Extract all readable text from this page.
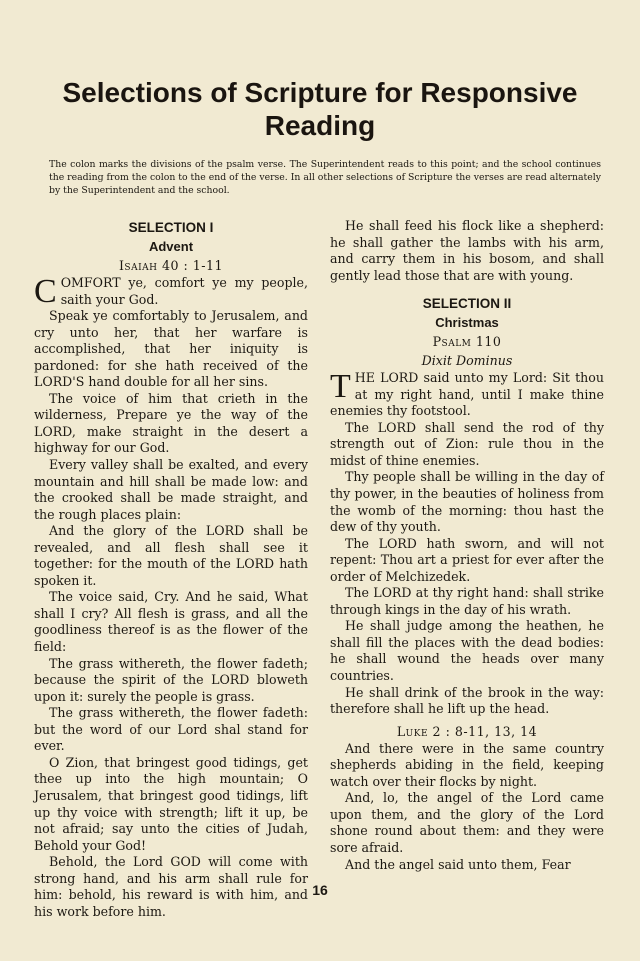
Selections of Scripture for Responsive
Reading
The colon marks the divisions of the psalm verse. The Superintendent reads to this point; and the school continues the reading from the colon to the end of the verse. In all other selections of Scripture the verses are read alternately by the Superintendent and the school.
SELECTION I
Advent
Isaiah 40 : 1-11

COMFORT ye, comfort ye my people, saith your God.

Speak ye comfortably to Jerusalem, and cry unto her, that her warfare is accomplished, that her iniquity is pardoned: for she hath received of the LORD'S hand double for all her sins.

The voice of him that crieth in the wilderness, Prepare ye the way of the LORD, make straight in the desert a highway for our God.

Every valley shall be exalted, and every mountain and hill shall be made low: and the crooked shall be made straight, and the rough places plain:

And the glory of the LORD shall be revealed, and all flesh shall see it together: for the mouth of the LORD hath spoken it.

The voice said, Cry. And he said, What shall I cry? All flesh is grass, and all the goodliness thereof is as the flower of the field:

The grass withereth, the flower fadeth; because the spirit of the LORD bloweth upon it: surely the people is grass.

The grass withereth, the flower fadeth: but the word of our Lord shal stand for ever.

O Zion, that bringest good tidings, get thee up into the high mountain; O Jerusalem, that bringest good tidings, lift up thy voice with strength; lift it up, be not afraid; say unto the cities of Judah, Behold your God!

Behold, the Lord GOD will come with strong hand, and his arm shall rule for him: behold, his reward is with him, and his work before him.

He shall feed his flock like a shepherd: he shall gather the lambs with his arm, and carry them in his bosom, and shall gently lead those that are with young.

SELECTION II
Christmas
Psalm 110
Dixit Dominus

THE LORD said unto my Lord: Sit thou at my right hand, until I make thine enemies thy footstool.

The LORD shall send the rod of thy strength out of Zion: rule thou in the midst of thine enemies.

Thy people shall be willing in the day of thy power, in the beauties of holiness from the womb of the morning: thou hast the dew of thy youth.

The LORD hath sworn, and will not repent: Thou art a priest for ever after the order of Melchizedek.

The LORD at thy right hand: shall strike through kings in the day of his wrath.

He shall judge among the heathen, he shall fill the places with the dead bodies: he shall wound the heads over many countries.

He shall drink of the brook in the way: therefore shall he lift up the head.

Luke 2 : 8-11, 13, 14

And there were in the same country shepherds abiding in the field, keeping watch over their flocks by night.

And, lo, the angel of the Lord came upon them, and the glory of the Lord shone round about them: and they were sore afraid.

And the angel said unto them, Fear

16
